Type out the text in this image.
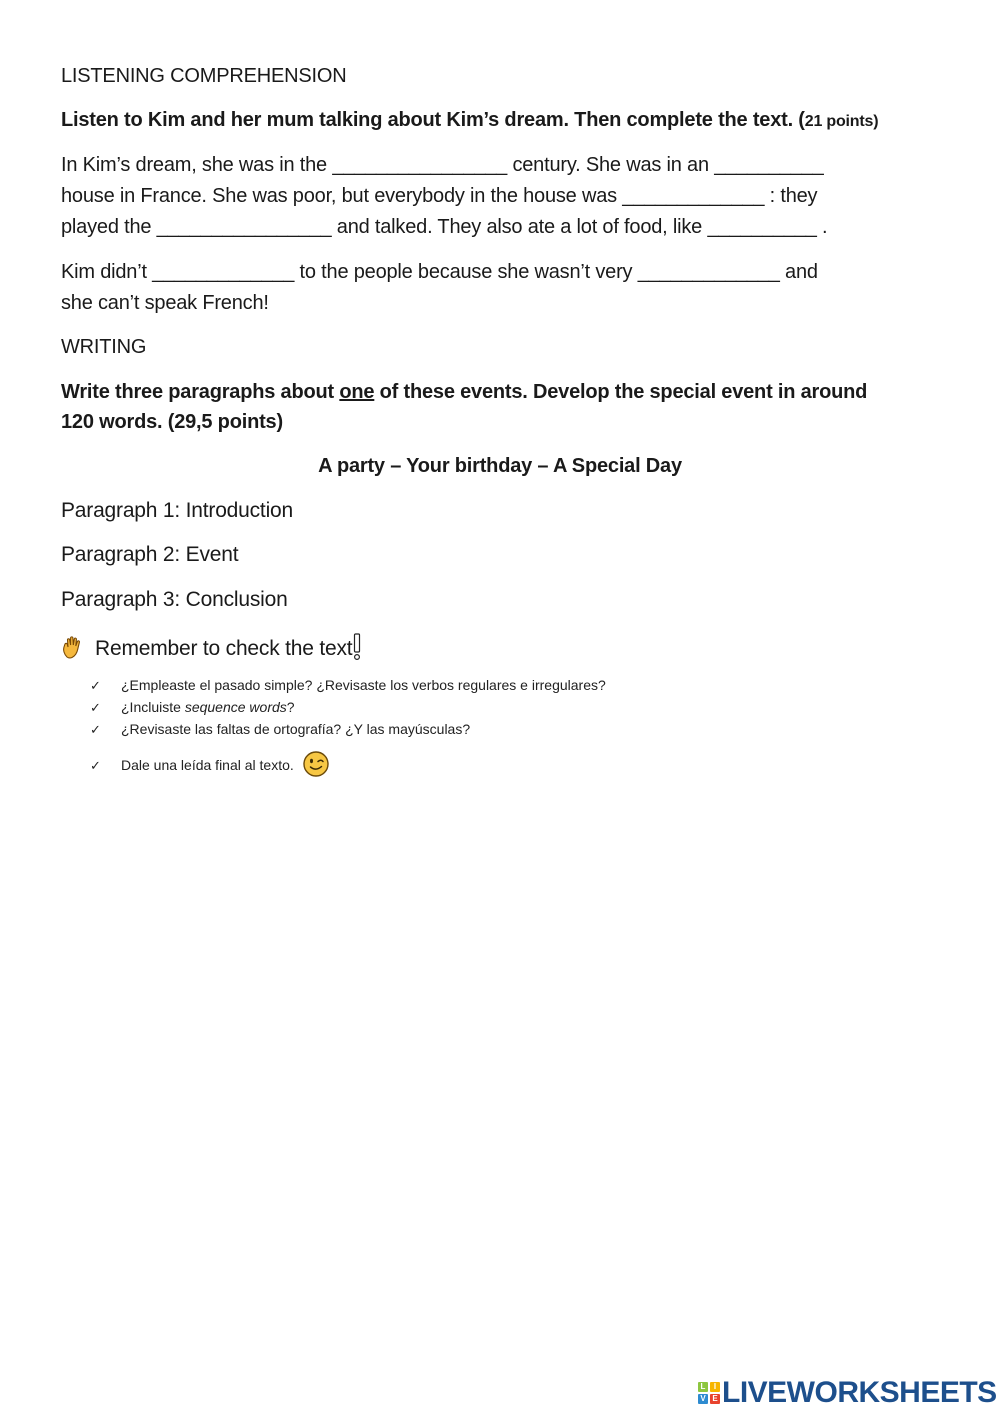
LISTENING COMPREHENSION
Listen to Kim and her mum talking about Kim’s dream. Then complete the text. (21 points)
In Kim’s dream, she was in the ________________ century. She was in an __________
house in France. She was poor, but everybody in the house was _____________ : they
played the ________________ and talked. They also ate a lot of food, like __________ .
Kim didn’t _____________ to the people because she wasn’t very _____________ and
she can’t speak French!
WRITING
Write three paragraphs about one of these events. Develop the special event in around
120 words. (29,5 points)
A party – Your birthday – A Special Day
Paragraph 1: Introduction
Paragraph 2: Event
Paragraph 3: Conclusion
Remember to check the text
✓ ¿Empleaste el pasado simple? ¿Revisaste los verbos regulares e irregulares?
✓ ¿Incluiste sequence words?
✓ ¿Revisaste las faltas de ortografía? ¿Y las mayúsculas?
✓ Dale una leída final al texto.
L	I
V E LIVEWORKSHEETS
